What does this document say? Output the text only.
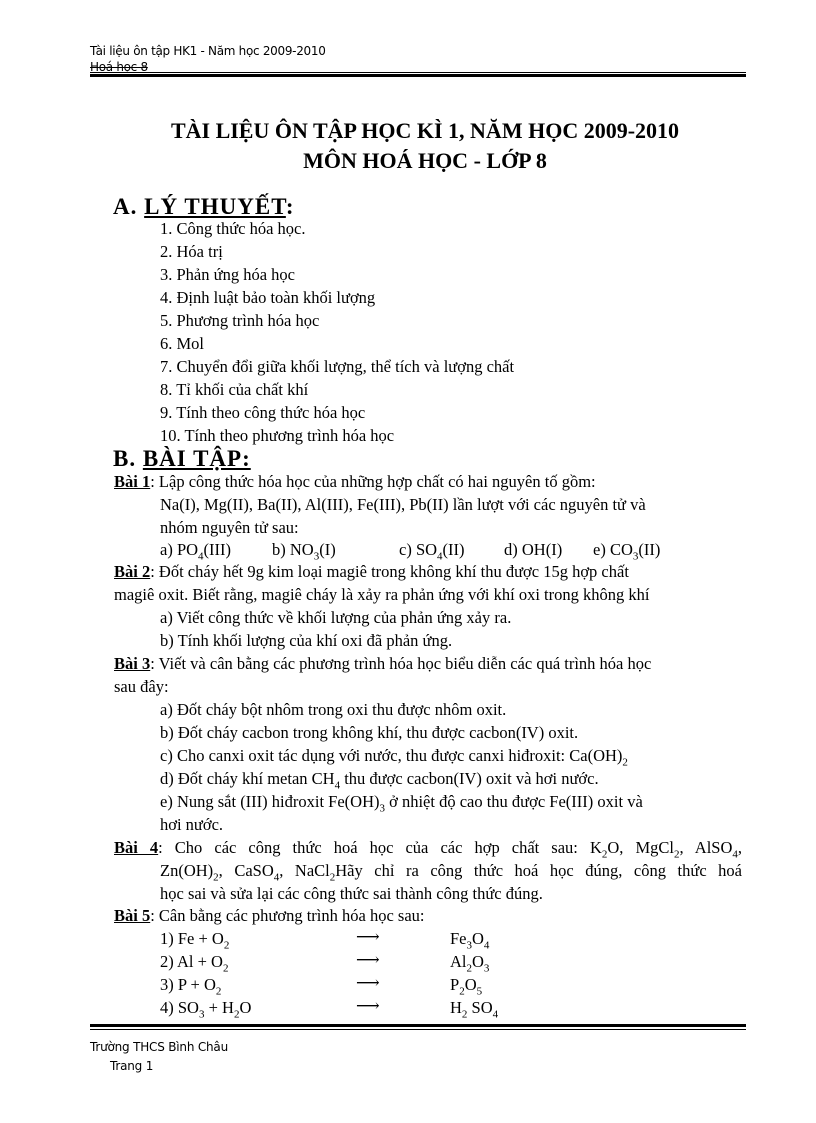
Tài liệu ôn tập HK1 - Năm học 2009-2010
Hoá học 8
TÀI LIỆU ÔN TẬP HỌC KÌ 1, NĂM HỌC 2009-2010
MÔN HOÁ HỌC - LỚP 8
A. LÝ THUYẾT:
1. Công thức hóa học.
2. Hóa trị
3. Phản ứng hóa học
4. Định luật bảo toàn khối lượng
5. Phương trình hóa học
6. Mol
7. Chuyển đổi giữa khối lượng, thể tích và lượng chất
8. Tỉ khối của chất khí
9. Tính theo công thức hóa học
10. Tính theo phương trình hóa học
B. BÀI TẬP:
Bài 1: Lập công thức hóa học của những hợp chất có hai nguyên tố gồm:
Na(I), Mg(II), Ba(II), Al(III), Fe(III), Pb(II) lần lượt với các nguyên tử và
nhóm nguyên tử sau:
a) $PO_4(III)$ b) $NO_3(I)$	c) $SO_4(II)$ d) OH(I) e) $CO_3(II)$
Bài 2: Đốt cháy hết 9g kim loại magiê trong không khí thu được 15g hợp chất
magiê oxit. Biết rằng, magiê cháy là xảy ra phản ứng với khí oxi trong không khí
a) Viết công thức về khối lượng của phản ứng xảy ra.
b) Tính khối lượng của khí oxi đã phản ứng.
Bài 3: Viết và cân bằng các phương trình hóa học biểu diễn các quá trình hóa học
sau đây:
a) Đốt cháy bột nhôm trong oxi thu được nhôm oxit.
b) Đốt cháy cacbon trong không khí, thu được cacbon(IV) oxit.
c) Cho canxi oxit tác dụng với nước, thu được canxi hiđroxit: $Ca(OH)_2$
d) Đốt cháy khí metan $CH_4$ thu được cacbon(IV) oxit và hơi nước.
e) Nung sắt (III) hiđroxit $Fe(OH)_3$ ở nhiệt độ cao thu được Fe(III) oxit và
hơi nước.
Bài 4: Cho các công thức hoá học của các hợp chất sau: $K_2O$, MgCl$_2$, AlSO$_4$,
$Zn(OH)_2$, CaSO$_4$, NaCl$_2$Hãy chỉ ra công thức hoá học đúng, công thức hoá
học sai và sửa lại các công thức sai thành công thức đúng.
Bài 5: Cân bằng các phương trình hóa học sau:
1) $Fe + O_2$	⟶	$Fe_3O_4$
2) $Al + O_2$	⟶	$Al_2O_3$
3) $P + O_2$	⟶	$P_2O_5$
4) $SO_3 + H_2O$	⟶	$H_2$ $SO_4$
Trường THCS Bình Châu
Trang 1
